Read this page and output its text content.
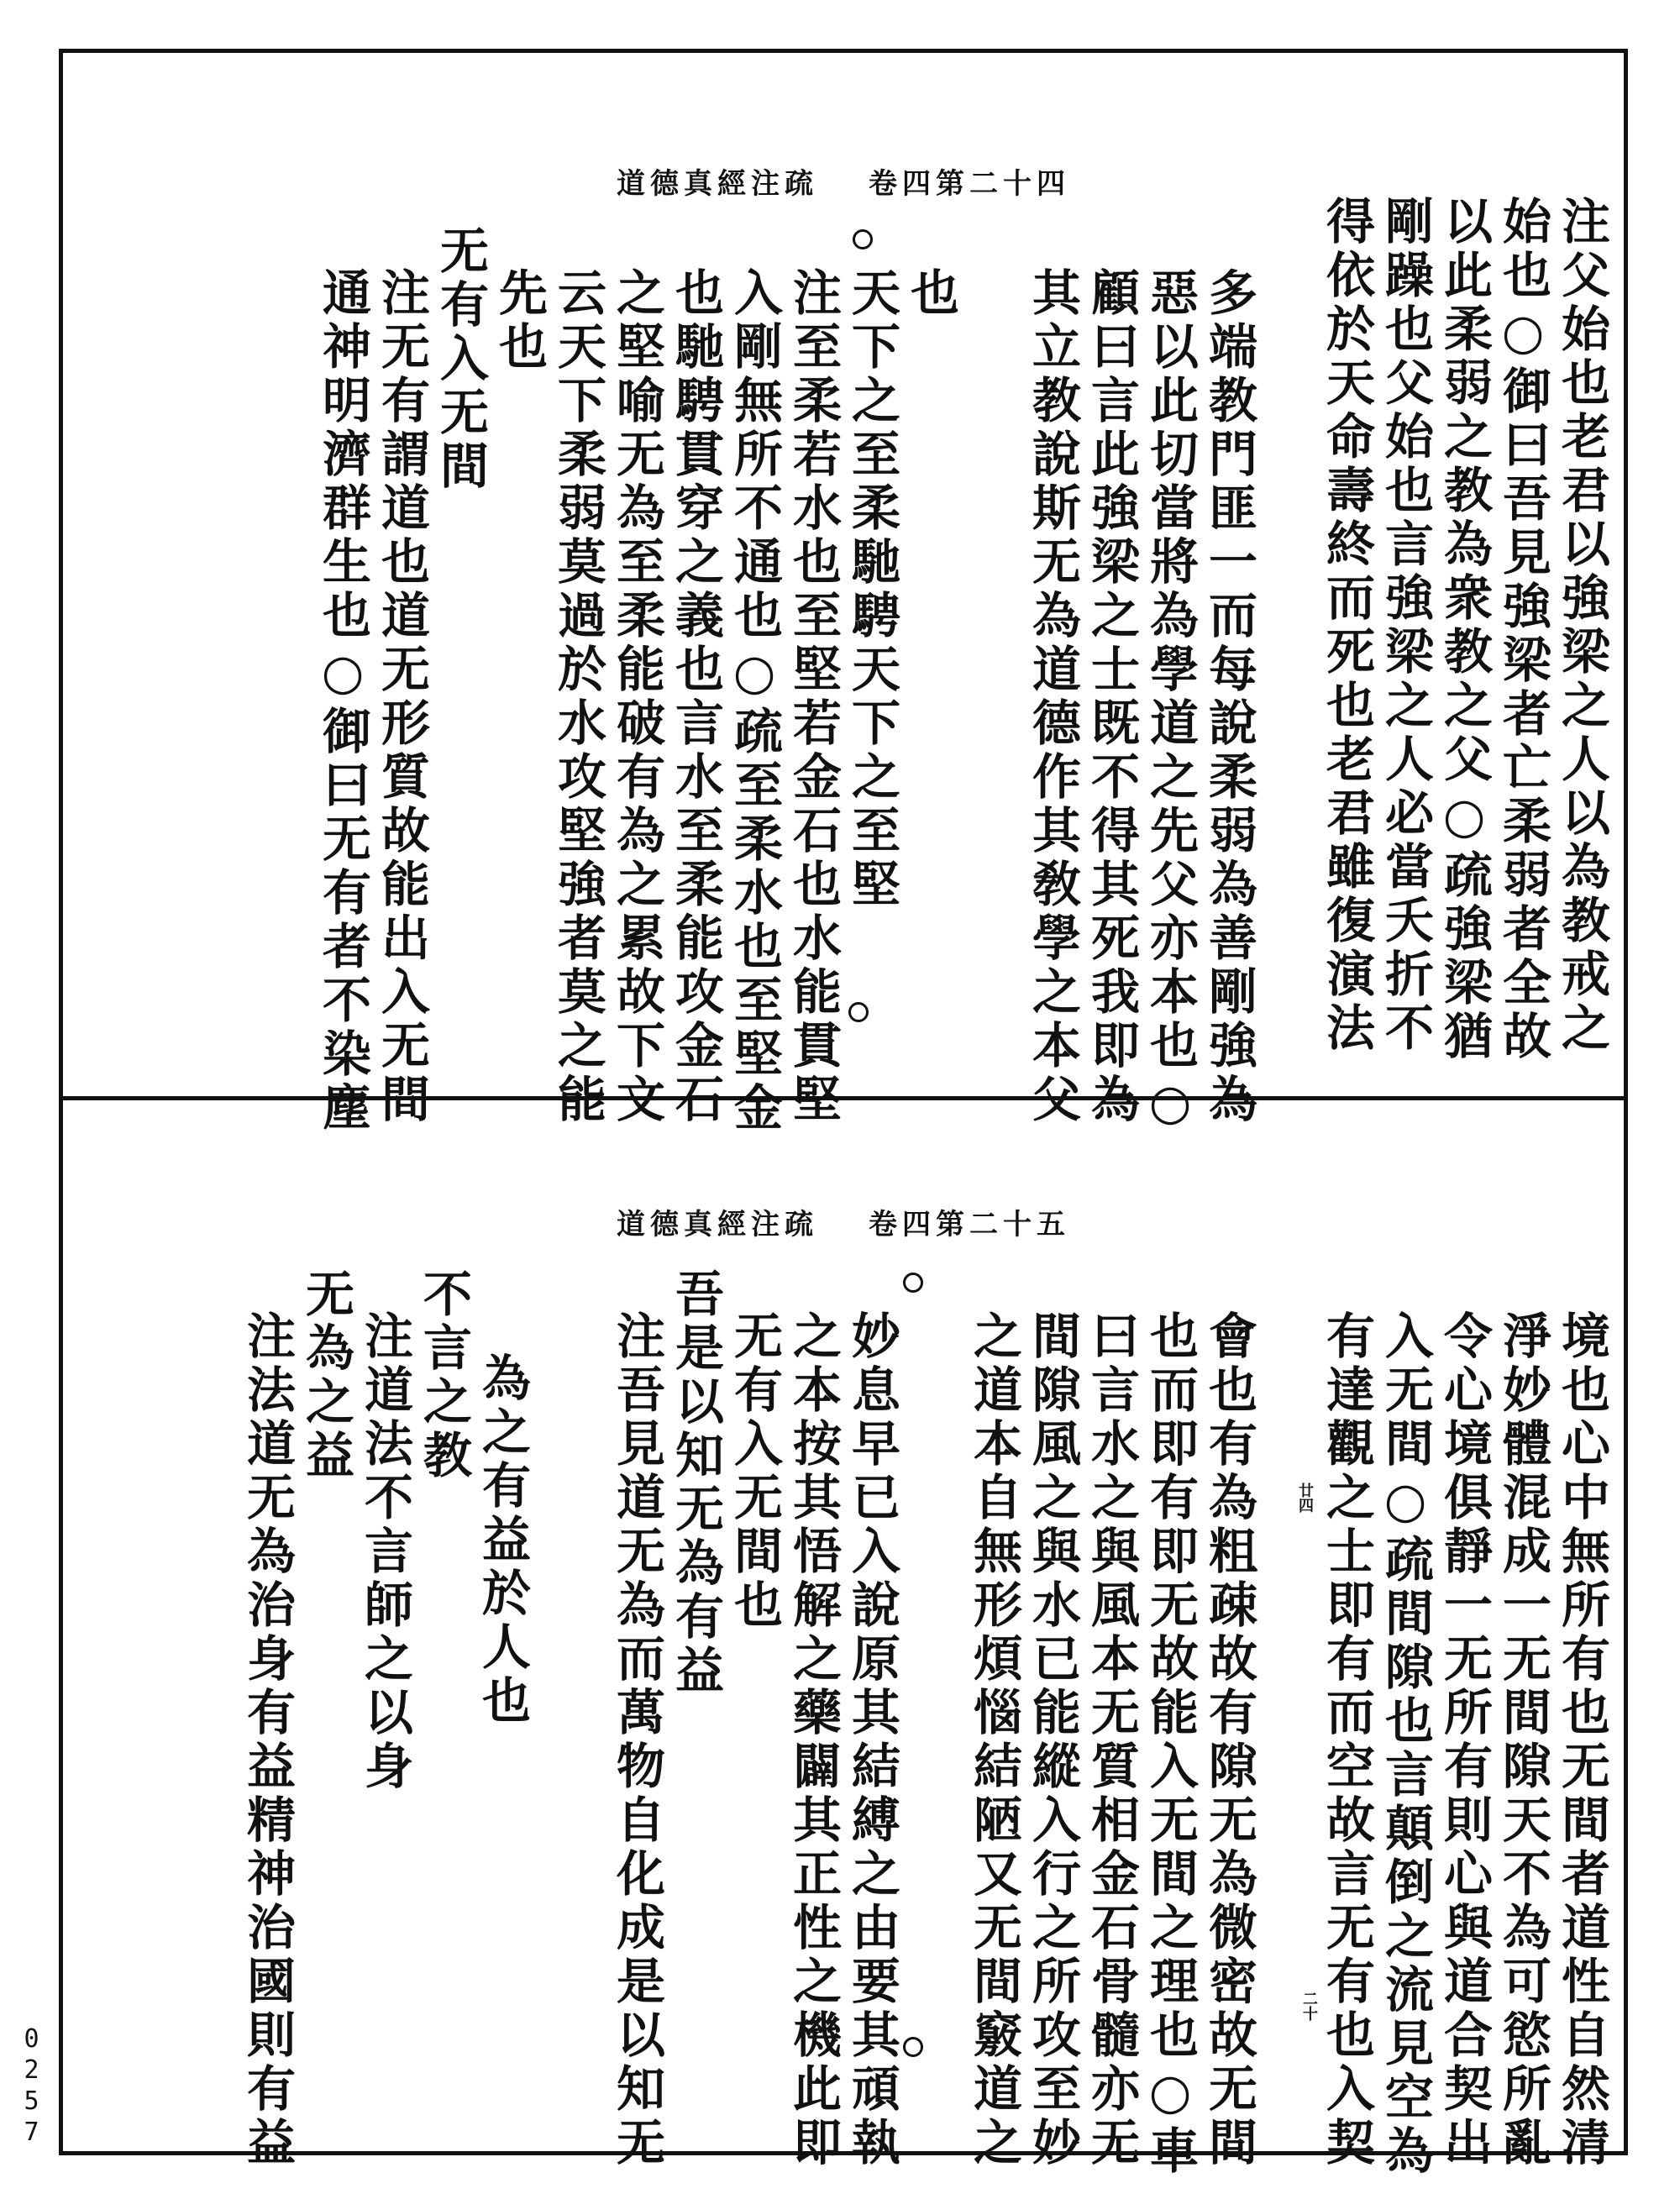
道德真經注疏 卷四第二十四
注父始也老君以強梁之人以為教戒之
始也○御曰吾見強梁者亡柔弱者全故
以此柔弱之教為衆教之父○疏強梁猶
剛躁也父始也言強梁之人必當夭折不
得依於天命壽終而死也老君雖復演法
多端教門匪一而每說柔弱為善剛強為
惡以此切當將為學道之先父亦本也○
顧曰言此強梁之士既不得其死我即為
其立教說斯无為道德作其敎學之本父
也
天下之至柔馳騁天下之至堅
注至柔若水也至堅若金石也水能貫堅
入剛無所不通也○疏至柔水也至堅金
也馳騁貫穿之義也言水至柔能攻金石
之堅喻无為至柔能破有為之累故下文
云天下柔弱莫過於水攻堅強者莫之能
先也
无有入无間
注无有謂道也道无形質故能出入无間
通神明濟群生也○御曰无有者不染塵
道德真經注疏 卷四第二十五
境也心中無所有也无間者道性自然清
淨妙體混成一无間隙天不為可慾所亂
令心境俱靜一无所有則心與道合契出
入无間○疏間隙也言顛倒之流見空為
有達觀之士即有而空故言无有也入契
會也有為粗疎故有隙无為微密故无間
也而即有即无故能入无間之理也○車
曰言水之與風本无質相金石骨髓亦无
間隙風之與水已能縱入行之所攻至妙
之道本自無形煩惱結陋又无間竅道之
妙息早已入說原其結縛之由要其頑執
之本按其悟解之藥闢其正性之機此即
无有入无間也
吾是以知无為有益
注吾見道无為而萬物自化成是以知无
為之有益於人也
不言之教
注道法不言師之以身
无為之益
注法道无為治身有益精神治國則有益	廿四
二十
0257
